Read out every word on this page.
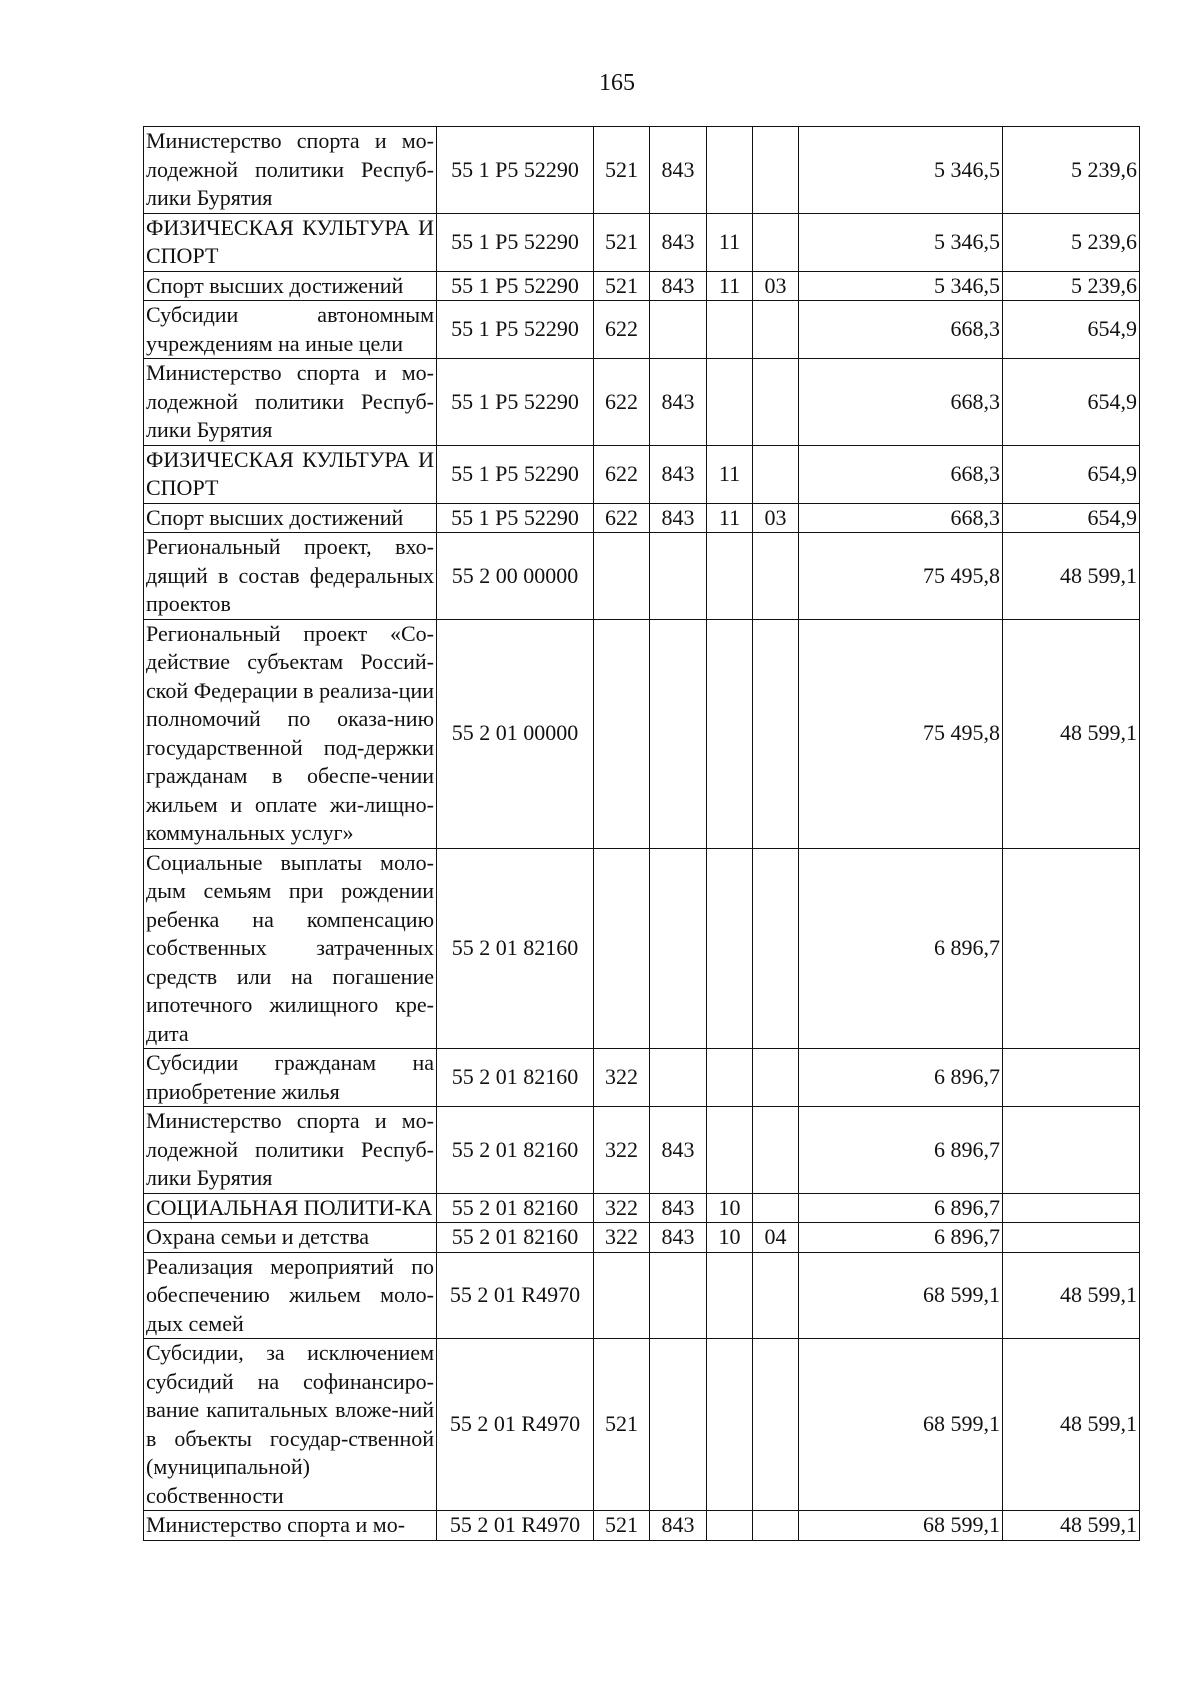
165
Министерство спорта и мо-лодежной политики Респуб-лики Бурятия	55 1 P5 52290	521	843			5 346,5	5 239,6
ФИЗИЧЕСКАЯ КУЛЬТУРА И СПОРТ	55 1 P5 52290	521	843	11		5 346,5	5 239,6
Спорт высших достижений	55 1 P5 52290	521	843	11	03	5 346,5	5 239,6
Субсидии автономным учреждениям на иные цели	55 1 P5 52290	622				668,3	654,9
Министерство спорта и мо-лодежной политики Респуб-лики Бурятия	55 1 P5 52290	622	843			668,3	654,9
ФИЗИЧЕСКАЯ КУЛЬТУРА И СПОРТ	55 1 P5 52290	622	843	11		668,3	654,9
Спорт высших достижений	55 1 P5 52290	622	843	11	03	668,3	654,9
Региональный проект, вхо-дящий в состав федеральных проектов	55 2 00 00000					75 495,8	48 599,1
Региональный проект «Со-действие субъектам Россий-ской Федерации в реализа-ции полномочий по оказа-нию государственной под-держки гражданам в обеспе-чении жильем и оплате жи-лищно-коммунальных услуг»	55 2 01 00000					75 495,8	48 599,1
Социальные выплаты моло-дым семьям при рождении ребенка на компенсацию собственных затраченных средств или на погашение ипотечного жилищного кре-дита	55 2 01 82160					6 896,7	
Субсидии гражданам на приобретение жилья	55 2 01 82160	322				6 896,7	
Министерство спорта и мо-лодежной политики Респуб-лики Бурятия	55 2 01 82160	322	843			6 896,7	
СОЦИАЛЬНАЯ ПОЛИТИ-КА	55 2 01 82160	322	843	10		6 896,7	
Охрана семьи и детства	55 2 01 82160	322	843	10	04	6 896,7	
Реализация мероприятий по обеспечению жильем моло-дых семей	55 2 01 R4970					68 599,1	48 599,1
Субсидии, за исключением субсидий на софинансиро-вание капитальных вложе-ний в объекты государ-ственной (муниципальной) собственности	55 2 01 R4970	521				68 599,1	48 599,1
Министерство спорта и мо-	55 2 01 R4970	521	843			68 599,1	48 599,1
